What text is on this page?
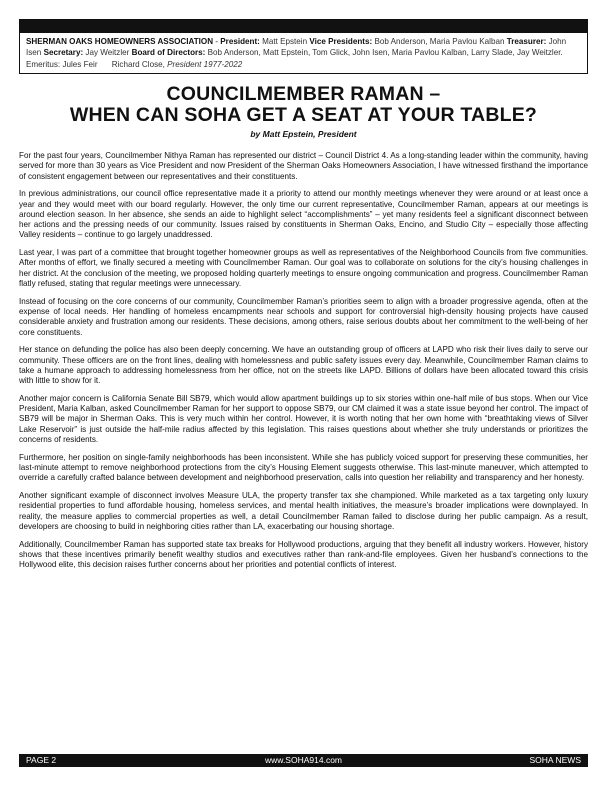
SHERMAN OAKS HOMEOWNERS ASSOCIATION - President: Matt Epstein Vice Presidents: Bob Anderson, Maria Pavlou Kalban Treasurer: John Isen Secretary: Jay Weitzler Board of Directors: Bob Anderson, Matt Epstein, Tom Glick, John Isen, Maria Pavlou Kalban, Larry Slade, Jay Weitzler. Emeritus: Jules Feir Richard Close, President 1977-2022
COUNCILMEMBER RAMAN –
WHEN CAN SOHA GET A SEAT AT YOUR TABLE?
by Matt Epstein, President

For the past four years, Councilmember Nithya Raman has represented our district – Council District 4. As a long-standing leader within the community, having served for more than 30 years as Vice President and now President of the Sherman Oaks Homeowners Association, I have witnessed firsthand the importance of consistent engagement between our representatives and their constituents.

In previous administrations, our council office representative made it a priority to attend our monthly meetings whenever they were around or at least once a year and they would meet with our board regularly. However, the only time our current representative, Councilmember Raman, appears at our meetings is around election season. In her absence, she sends an aide to highlight select “accomplishments” – yet many residents feel a significant disconnect between her actions and the pressing needs of our community. Issues raised by constituents in Sherman Oaks, Encino, and Studio City – especially those affecting Valley residents – continue to go largely unaddressed.

Last year, I was part of a committee that brought together homeowner groups as well as representatives of the Neighborhood Councils from five communities. After months of effort, we finally secured a meeting with Councilmember Raman. Our goal was to collaborate on solutions for the city’s housing challenges in her district. At the conclusion of the meeting, we proposed holding quarterly meetings to ensure ongoing communication and progress. Councilmember Raman flatly refused, stating that regular meetings were unnecessary.

Instead of focusing on the core concerns of our community, Councilmember Raman’s priorities seem to align with a broader progressive agenda, often at the expense of local needs. Her handling of homeless encampments near schools and support for controversial high-density housing projects have caused considerable anxiety and frustration among our residents. These decisions, among others, raise serious doubts about her commitment to the well-being of her core constituents.

Her stance on defunding the police has also been deeply concerning. We have an outstanding group of officers at LAPD who risk their lives daily to serve our community. These officers are on the front lines, dealing with homelessness and public safety issues every day. Meanwhile, Councilmember Raman claims to take a humane approach to addressing homelessness from her office, not on the streets like LAPD. Billions of dollars have been allocated toward this crisis with little to show for it.

Another major concern is California Senate Bill SB79, which would allow apartment buildings up to six stories within one-half mile of bus stops. When our Vice President, Maria Kalban, asked Councilmember Raman for her support to oppose SB79, our CM claimed it was a state issue beyond her control. The impact of SB79 will be major in Sherman Oaks. This is very much within her control. However, it is worth noting that her own home with “breathtaking views of Silver Lake Reservoir” is just outside the half-mile radius affected by this legislation. This raises questions about whether she truly understands or prioritizes the concerns of residents.

Furthermore, her position on single-family neighborhoods has been inconsistent. While she has publicly voiced support for preserving these communities, her last-minute attempt to remove neighborhood protections from the city’s Housing Element suggests otherwise. This last-minute maneuver, which attempted to override a carefully crafted balance between development and neighborhood preservation, calls into question her reliability and transparency and her honesty.

Another significant example of disconnect involves Measure ULA, the property transfer tax she championed. While marketed as a tax targeting only luxury residential properties to fund affordable housing, homeless services, and mental health initiatives, the measure’s broader implications were downplayed. In reality, the measure applies to commercial properties as well, a detail Councilmember Raman failed to disclose during her public campaign. As a result, developers are choosing to build in neighboring cities rather than LA, exacerbating our housing shortage.

Additionally, Councilmember Raman has supported state tax breaks for Hollywood productions, arguing that they benefit all industry workers. However, history shows that these incentives primarily benefit wealthy studios and executives rather than rank-and-file employees. Given her husband’s connections to the Hollywood elite, this decision raises further concerns about her priorities and potential conflicts of interest.

PAGE 2	www.SOHA914.com	SOHA NEWS
